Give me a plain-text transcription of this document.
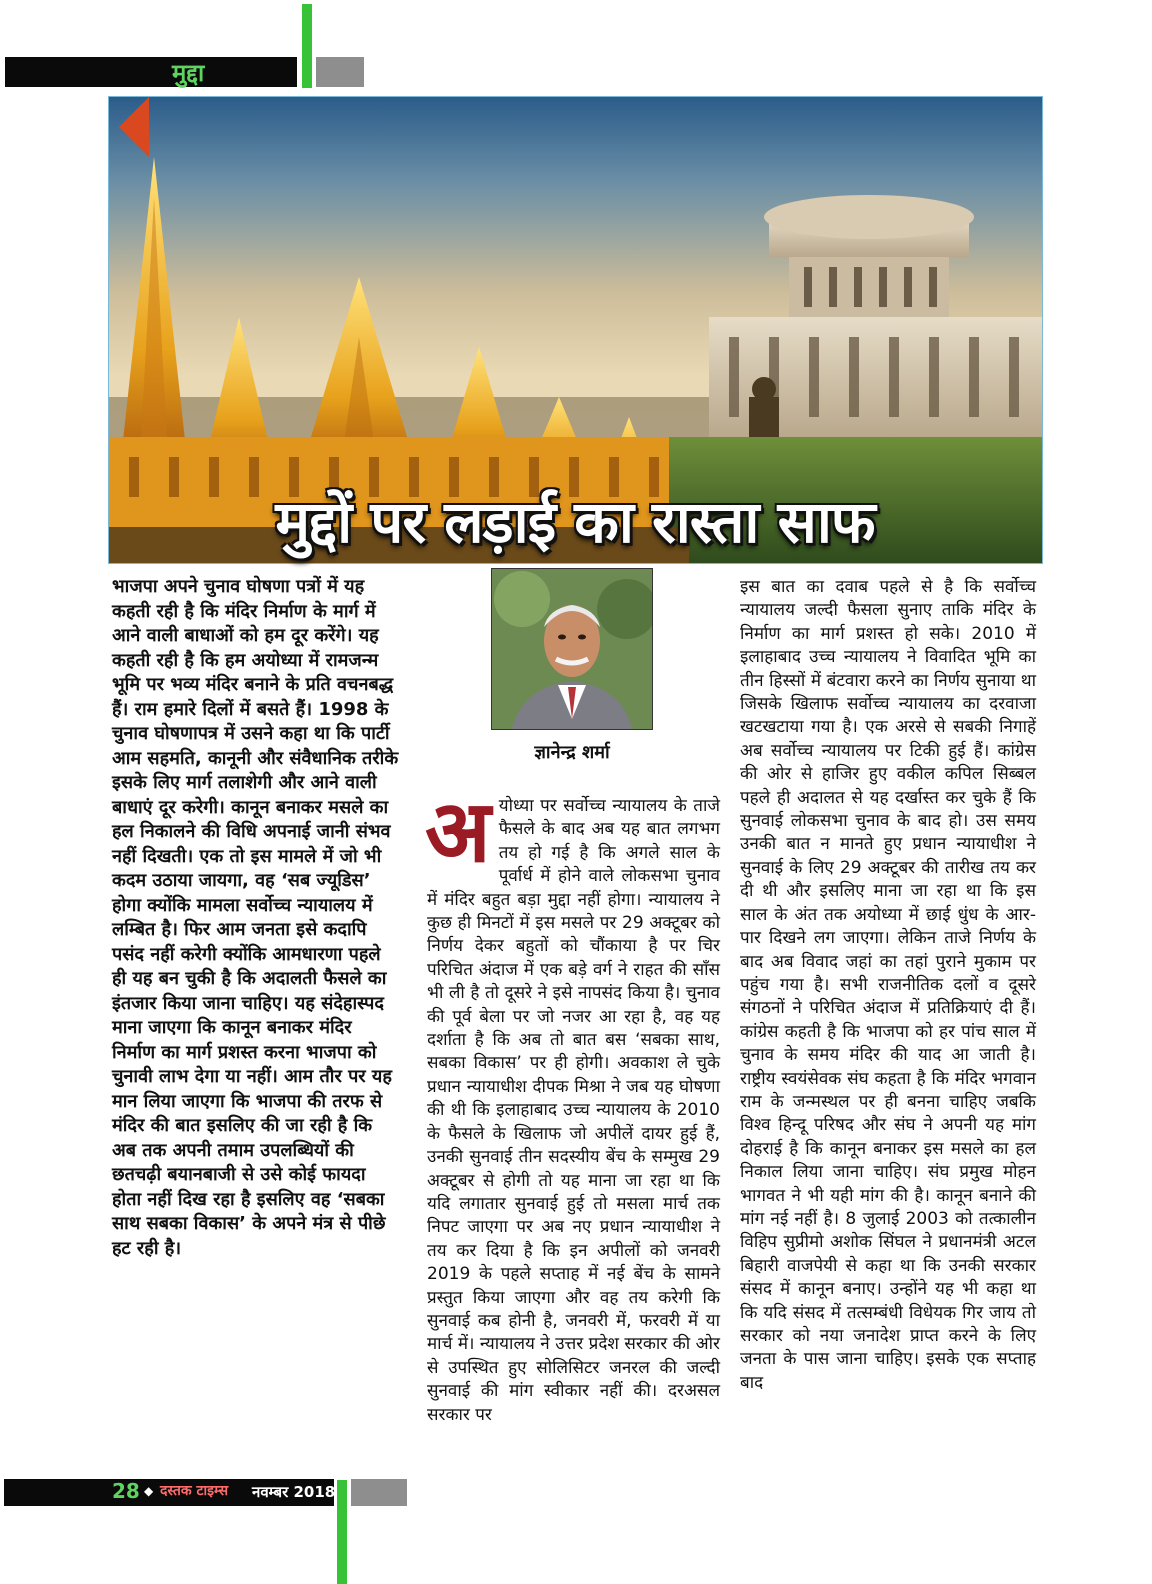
मुद्दा
मुद्दों पर लड़ाई का रास्ता साफ

भाजपा अपने चुनाव घोषणा पत्रों में यह कहती रही है कि मंदिर निर्माण के मार्ग में आने वाली बाधाओं को हम दूर करेंगे। यह कहती रही है कि हम अयोध्या में रामजन्म भूमि पर भव्य मंदिर बनाने के प्रति वचनबद्ध हैं। राम हमारे दिलों में बसते हैं। 1998 के चुनाव घोषणापत्र में उसने कहा था कि पार्टी आम सहमति, कानूनी और संवैधानिक तरीके इसके लिए मार्ग तलाशेगी और आने वाली बाधाएं दूर करेगी। कानून बनाकर मसले का हल निकालने की विधि अपनाई जानी संभव नहीं दिखती। एक तो इस मामले में जो भी कदम उठाया जायगा, वह ‘सब ज्यूडिस’ होगा क्योंकि मामला सर्वोच्च न्यायालय में लम्बित है। फिर आम जनता इसे कदापि पसंद नहीं करेगी क्योंकि आमधारणा पहले ही यह बन चुकी है कि अदालती फैसले का इंतजार किया जाना चाहिए। यह संदेहास्पद माना जाएगा कि कानून बनाकर मंदिर निर्माण का मार्ग प्रशस्त करना भाजपा को चुनावी लाभ देगा या नहीं। आम तौर पर यह मान लिया जाएगा कि भाजपा की तरफ से मंदिर की बात इसलिए की जा रही है कि अब तक अपनी तमाम उपलब्धियों की छतचढ़ी बयानबाजी से उसे कोई फायदा होता नहीं दिख रहा है इसलिए वह ‘सबका साथ सबका विकास’ के अपने मंत्र से पीछे हट रही है।

ज्ञानेन्द्र शर्मा
अ योध्या पर सर्वोच्च न्यायालय के ताजे फैसले के बाद अब यह बात लगभग तय हो गई है कि अगले साल के पूर्वार्ध में होने वाले लोकसभा चुनाव में मंदिर बहुत बड़ा मुद्दा नहीं होगा। न्यायालय ने कुछ ही मिनटों में इस मसले पर 29 अक्टूबर को निर्णय देकर बहुतों को चौंकाया है पर चिर परिचित अंदाज में एक बड़े वर्ग ने राहत की साँस भी ली है तो दूसरे ने इसे नापसंद किया है। चुनाव की पूर्व बेला पर जो नजर आ रहा है, वह यह दर्शाता है कि अब तो बात बस ‘सबका साथ, सबका विकास’ पर ही होगी। अवकाश ले चुके प्रधान न्यायाधीश दीपक मिश्रा ने जब यह घोषणा की थी कि इलाहाबाद उच्च न्यायालय के 2010 के फैसले के खिलाफ जो अपीलें दायर हुई हैं, उनकी सुनवाई तीन सदस्यीय बेंच के सम्मुख 29 अक्टूबर से होगी तो यह माना जा रहा था कि यदि लगातार सुनवाई हुई तो मसला मार्च तक निपट जाएगा पर अब नए प्रधान न्यायाधीश ने तय कर दिया है कि इन अपीलों को जनवरी 2019 के पहले सप्ताह में नई बेंच के सामने प्रस्तुत किया जाएगा और वह तय करेगी कि सुनवाई कब होनी है, जनवरी में, फरवरी में या मार्च में। न्यायालय ने उत्तर प्रदेश सरकार की ओर से उपस्थित हुए सोलिसिटर जनरल की जल्दी सुनवाई की मांग स्वीकार नहीं की। दरअसल सरकार पर

इस बात का दवाब पहले से है कि सर्वोच्च न्यायालय जल्दी फैसला सुनाए ताकि मंदिर के निर्माण का मार्ग प्रशस्त हो सके। 2010 में इलाहाबाद उच्च न्यायालय ने विवादित भूमि का तीन हिस्सों में बंटवारा करने का निर्णय सुनाया था जिसके खिलाफ सर्वोच्च न्यायालय का दरवाजा खटखटाया गया है। एक अरसे से सबकी निगाहें अब सर्वोच्च न्यायालय पर टिकी हुई हैं। कांग्रेस की ओर से हाजिर हुए वकील कपिल सिब्बल पहले ही अदालत से यह दर्खास्त कर चुके हैं कि सुनवाई लोकसभा चुनाव के बाद हो। उस समय उनकी बात न मानते हुए प्रधान न्यायाधीश ने सुनवाई के लिए 29 अक्टूबर की तारीख तय कर दी थी और इसलिए माना जा रहा था कि इस साल के अंत तक अयोध्या में छाई धुंध के आर-पार दिखने लग जाएगा। लेकिन ताजे निर्णय के बाद अब विवाद जहां का तहां पुराने मुकाम पर पहुंच गया है। सभी राजनीतिक दलों व दूसरे संगठनों ने परिचित अंदाज में प्रतिक्रियाएं दी हैं। कांग्रेस कहती है कि भाजपा को हर पांच साल में चुनाव के समय मंदिर की याद आ जाती है। राष्ट्रीय स्वयंसेवक संघ कहता है कि मंदिर भगवान राम के जन्मस्थल पर ही बनना चाहिए जबकि विश्व हिन्दू परिषद और संघ ने अपनी यह मांग दोहराई है कि कानून बनाकर इस मसले का हल निकाल लिया जाना चाहिए। संघ प्रमुख मोहन भागवत ने भी यही मांग की है। कानून बनाने की मांग नई नहीं है। 8 जुलाई 2003 को तत्कालीन विहिप सुप्रीमो अशोक सिंघल ने प्रधानमंत्री अटल बिहारी वाजपेयी से कहा था कि उनकी सरकार संसद में कानून बनाए। उन्होंने यह भी कहा था कि यदि संसद में तत्सम्बंधी विधेयक गिर जाय तो सरकार को नया जनादेश प्राप्त करने के लिए जनता के पास जाना चाहिए। इसके एक सप्ताह बाद

28 ◆ दस्तक टाइम्स नवम्बर 2018
